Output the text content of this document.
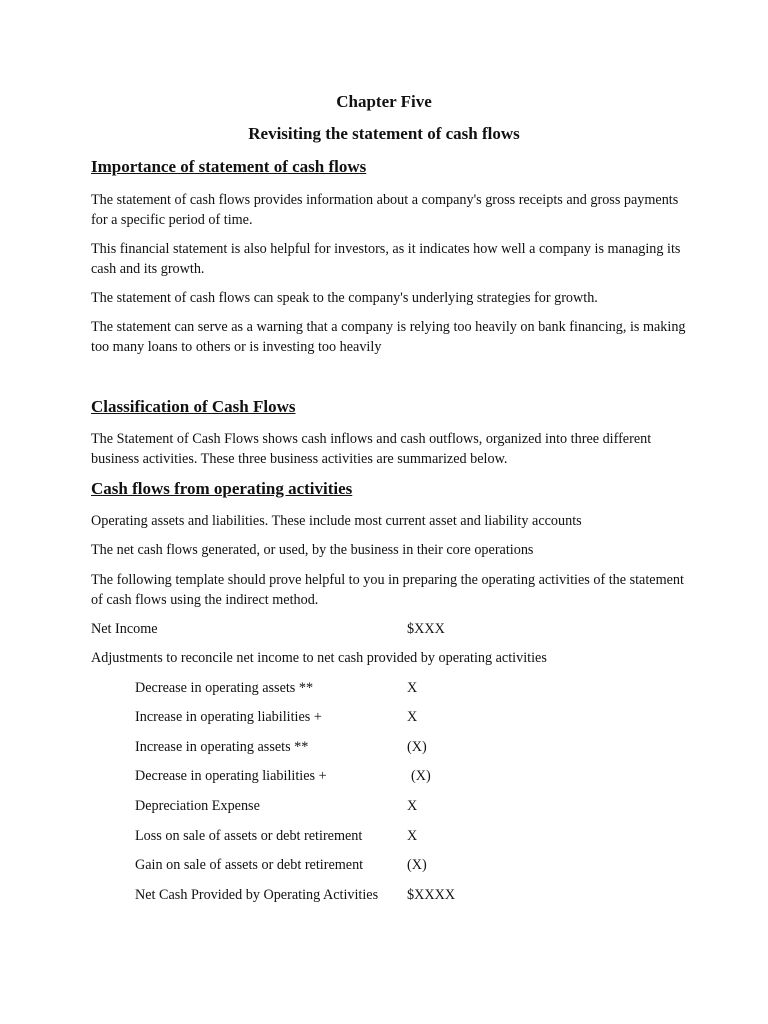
Chapter Five
Revisiting the statement of cash flows
Importance of statement of cash flows

The statement of cash flows provides information about a company's gross receipts and gross payments for a specific period of time.

This financial statement is also helpful for investors, as it indicates how well a company is managing its cash and its growth.

The statement of cash flows can speak to the company's underlying strategies for growth.

The statement can serve as a warning that a company is relying too heavily on bank financing, is making too many loans to others or is investing too heavily

Classification of Cash Flows

The Statement of Cash Flows shows cash inflows and cash outflows, organized into three different business activities. These three business activities are summarized below.

Cash flows from operating activities

Operating assets and liabilities. These include most current asset and liability accounts

The net cash flows generated, or used, by the business in their core operations

The following template should prove helpful to you in preparing the operating activities of the statement of cash flows using the indirect method.

Net Income	$XXX

Adjustments to reconcile net income to net cash provided by operating activities

Decrease in operating assets **	X
Increase in operating liabilities +	X
Increase in operating assets **	(X)
Decrease in operating liabilities +	(X)
Depreciation Expense	X
Loss on sale of assets or debt retirement	X
Gain on sale of assets or debt retirement	(X)
Net Cash Provided by Operating Activities $XXXX
